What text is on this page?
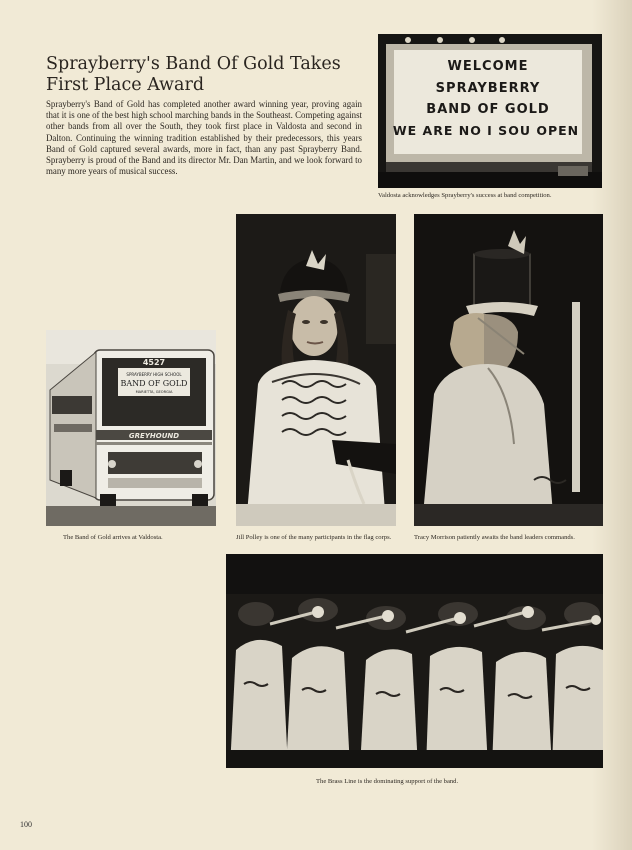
Sprayberry's Band Of Gold Takes
First Place Award
Sprayberry's Band of Gold has completed another award winning year, proving again that it is one of the best high school marching bands in the Southeast. Competing against other bands from all over the South, they took first place in Valdosta and second in Dalton. Continuing the winning tradition established by their predecessors, this years Band of Gold captured several awards, more in fact, than any past Sprayberry Band. Sprayberry is proud of the Band and its director Mr. Dan Martin, and we look forward to many more years of musical success.
WELCOME
SPRAYBERRY
BAND OF GOLD
WE ARE NO I SOU OPEN
Valdosta acknowledges Sprayberry's success at band competition.
4527
SPRAYBERRY HIGH SCHOOL
BAND OF GOLD
MARIETTA, GEORGIA
GREYHOUND
The Band of Gold arrives at Valdosta.	Jill Polley is one of the many participants in the flag corps.	Tracy Morrison patiently awaits the band leaders commands.
The Brass Line is the dominating support of the band.
100
